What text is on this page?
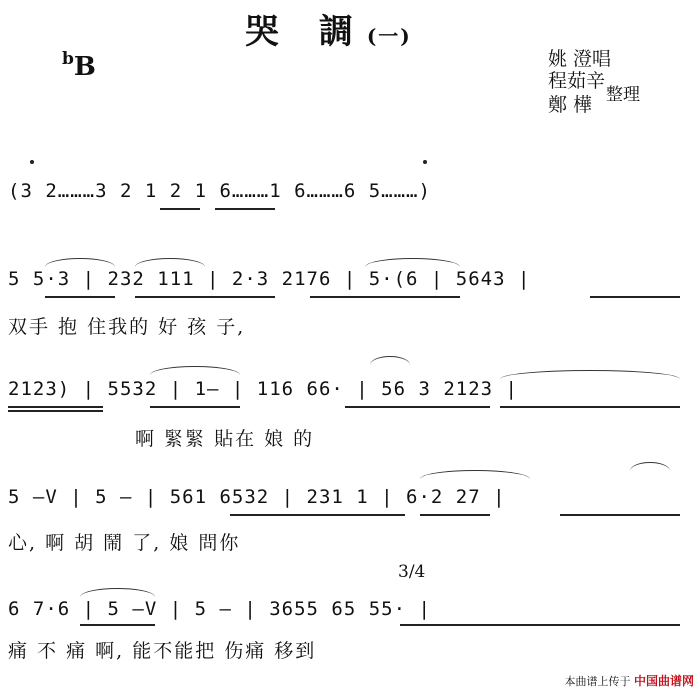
哭 調(一)
$^b$B	姚 澄唱
程茹辛
鄭 樺 整理
(3 2………3 2 1 2 1 6………1 6………6 5………)
5 5·3 | 232 111 | 2·3 2176 | 5·(6 | 5643 |
双手 抱 住我的 好 孩 子,
2123) | 5532 | 1— | 116 66· | 56 3 2123 |
啊 緊緊 貼在 娘 的
5 —V | 5 — | 561 6532 | 231 1 | 6·2 27 |
心, 啊 胡 鬧 了, 娘 問你
3/4
6 7·6 | 5 —V | 5 — | 3655 65 55· |
痛 不 痛 啊, 能不能把 伤痛 移到
本曲谱上传于 中国曲谱网
